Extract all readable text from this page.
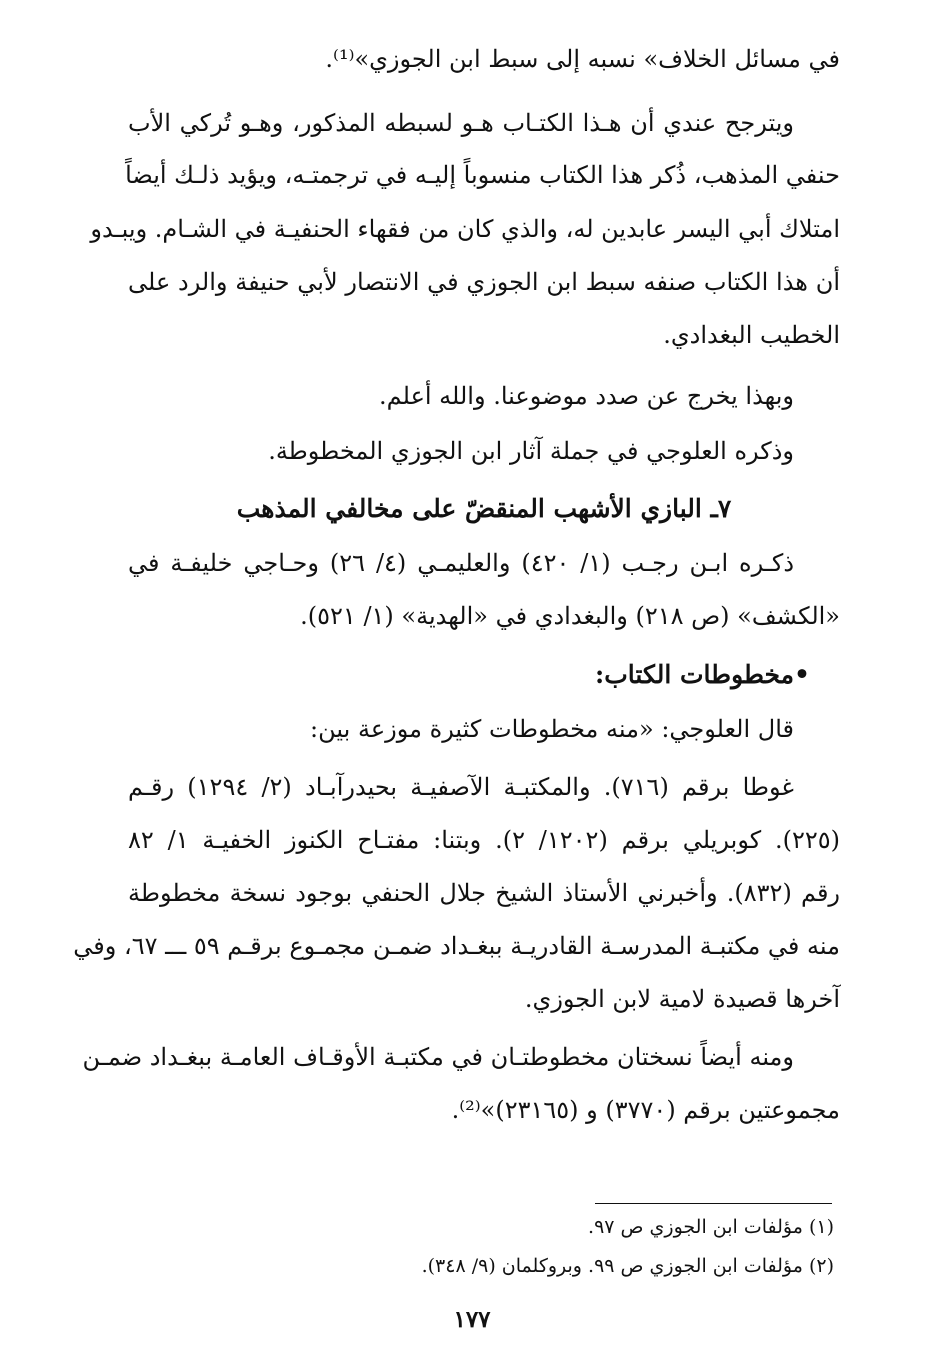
في مسائل الخلاف» نسبه إلى سبط ابن الجوزي»⁽¹⁾.
ويترجح عندي أن هـذا الكتـاب هـو لسبطه المذكور، وهـو تُركي الأب
حنفي المذهب، ذُكر هذا الكتاب منسوباً إليـه في ترجمتـه، ويؤيد ذلـك أيضاً
امتلاك أبي اليسر عابدين له، والذي كان من فقهاء الحنفيـة في الشـام. ويبـدو
أن هذا الكتاب صنفه سبط ابن الجوزي في الانتصار لأبي حنيفة والرد على
الخطيب البغدادي.
وبهذا يخرج عن صدد موضوعنا. والله أعلم.
وذكره العلوجي في جملة آثار ابن الجوزي المخطوطة.
٧ـ البازي الأشهب المنقضّ على مخالفي المذهب
ذكـره ابـن رجـب (١/ ٤٢٠) والعليمـي (٤/ ٢٦) وحـاجي خليفـة في
«الكشف» (ص ٢١٨) والبغدادي في «الهدية» (١/ ٥٢١).
•مخطوطات الكتاب:
قال العلوجي: «منه مخطوطات كثيرة موزعة بين:
غوطا برقم (٧١٦). والمكتبـة الآصفيـة بحيدرآبـاد (٢/ ١٢٩٤) رقـم
(٢٢٥). كوبريلي برقم (١٢٠٢/ ٢). وبتنا: مفتـاح الكنوز الخفيـة ١/ ٨٢
رقم (٨٣٢). وأخبرني الأستاذ الشيخ جلال الحنفي بوجود نسخة مخطوطة
منه في مكتبـة المدرسـة القادريـة ببغـداد ضمـن مجمـوع برقـم ٥٩ ـــ ٦٧، وفي
آخرها قصيدة لامية لابن الجوزي.
ومنه أيضاً نسختان مخطوطتـان في مكتبـة الأوقـاف العامـة ببغـداد ضمـن
مجموعتين برقم (٣٧٧٠) و (٢٣١٦٥)»⁽²⁾.
(١) مؤلفات ابن الجوزي ص ٩٧.
(٢) مؤلفات ابن الجوزي ص ٩٩. وبروكلمان (٩/ ٣٤٨).
١٧٧
